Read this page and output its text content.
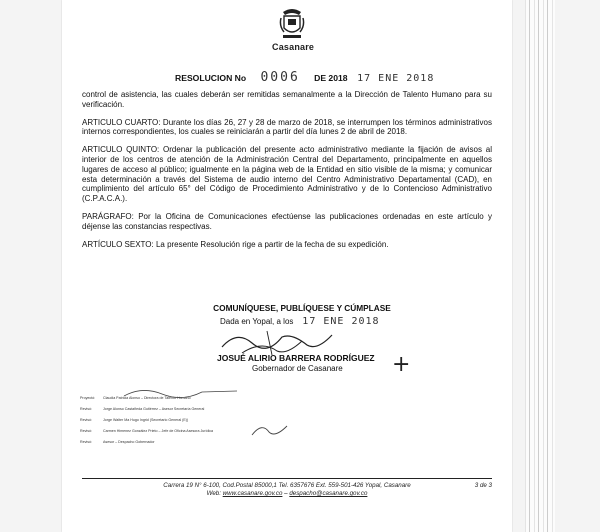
Casanare
RESOLUCION No 0006 DE 2018 17 ENE 2018

control de asistencia, las cuales deberán ser remitidas semanalmente a la Dirección de Talento Humano para su verificación.

ARTICULO CUARTO: Durante los días 26, 27 y 28 de marzo de 2018, se interrumpen los términos administrativos internos correspondientes, los cuales se reiniciarán a partir del día lunes 2 de abril de 2018.

ARTICULO QUINTO: Ordenar la publicación del presente acto administrativo mediante la fijación de avisos al interior de los centros de atención de la Administración Central del Departamento, principalmente en aquellos lugares de acceso al público; igualmente en la página web de la Entidad en sitio visible de la misma; y comunicar esta determinación a través del Sistema de audio interno del Centro Administrativo Departamental (CAD), en cumplimiento del artículo 65° del Código de Procedimiento Administrativo y de lo Contencioso Administrativo (C.P.A.C.A.).

PARÁGRAFO: Por la Oficina de Comunicaciones efectúense las publicaciones ordenadas en este artículo y déjense las constancias respectivas.

ARTÍCULO SEXTO: La presente Resolución rige a partir de la fecha de su expedición.

COMUNÍQUESE, PUBLÍQUESE Y CÚMPLASE
Dada en Yopal, a los 17 ENE 2018
JOSUÉ ALIRIO BARRERA RODRÍGUEZ
Gobernador de Casanare +
Proyectó: Claudia Patricia Alonso – Directora de Talento Humano
Revisó:	Jorge Alonso Castañeda Gutiérrez – Asesor Secretaría General
Revisó:	Jorge Walter Ma Hugo Ingrid (Secretario General (E))
Revisó:	Carmen Himenez González Prieto – Jefe de Oficina Asesora Jurídica
Revisó:	Asesor – Despacho Gobernador
Carrera 19 N° 6-100, Cod.Postal 85000,1 Tel. 6357676 Ext. 559-501-426 Yopal, Casanare	3 de 3
Web: www.casanare.gov.co – despacho@casanare.gov.co
